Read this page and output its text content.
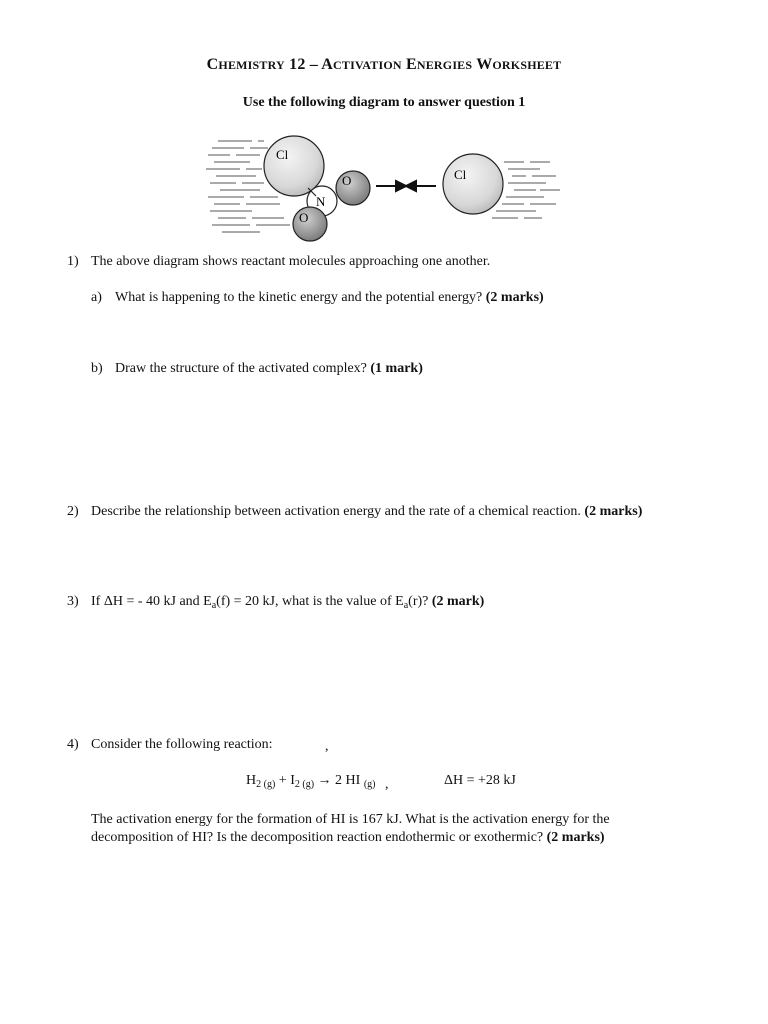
CHEMISTRY 12 – ACTIVATION ENERGIES WORKSHEET
Use the following diagram to answer question 1
Cl
N
O
O
Cl
1) The above diagram shows reactant molecules approaching one another.
a) What is happening to the kinetic energy and the potential energy? (2 marks)
b) Draw the structure of the activated complex? (1 mark)
2) Describe the relationship between activation energy and the rate of a chemical reaction. (2 marks)
3) If ΔH = - 40 kJ and $E_a(f) = 20$ kJ, what is the value of $E_a(r)$? (2 mark)
4) Consider the following reaction:	,
$H_{2 (g)} + I_{2 (g)} \to 2$ HI $_{(g)}$ ,	ΔH = +28 kJ
The activation energy for the formation of HI is 167 kJ. What is the activation energy for the
decomposition of HI? Is the decomposition reaction endothermic or exothermic? (2 marks)
